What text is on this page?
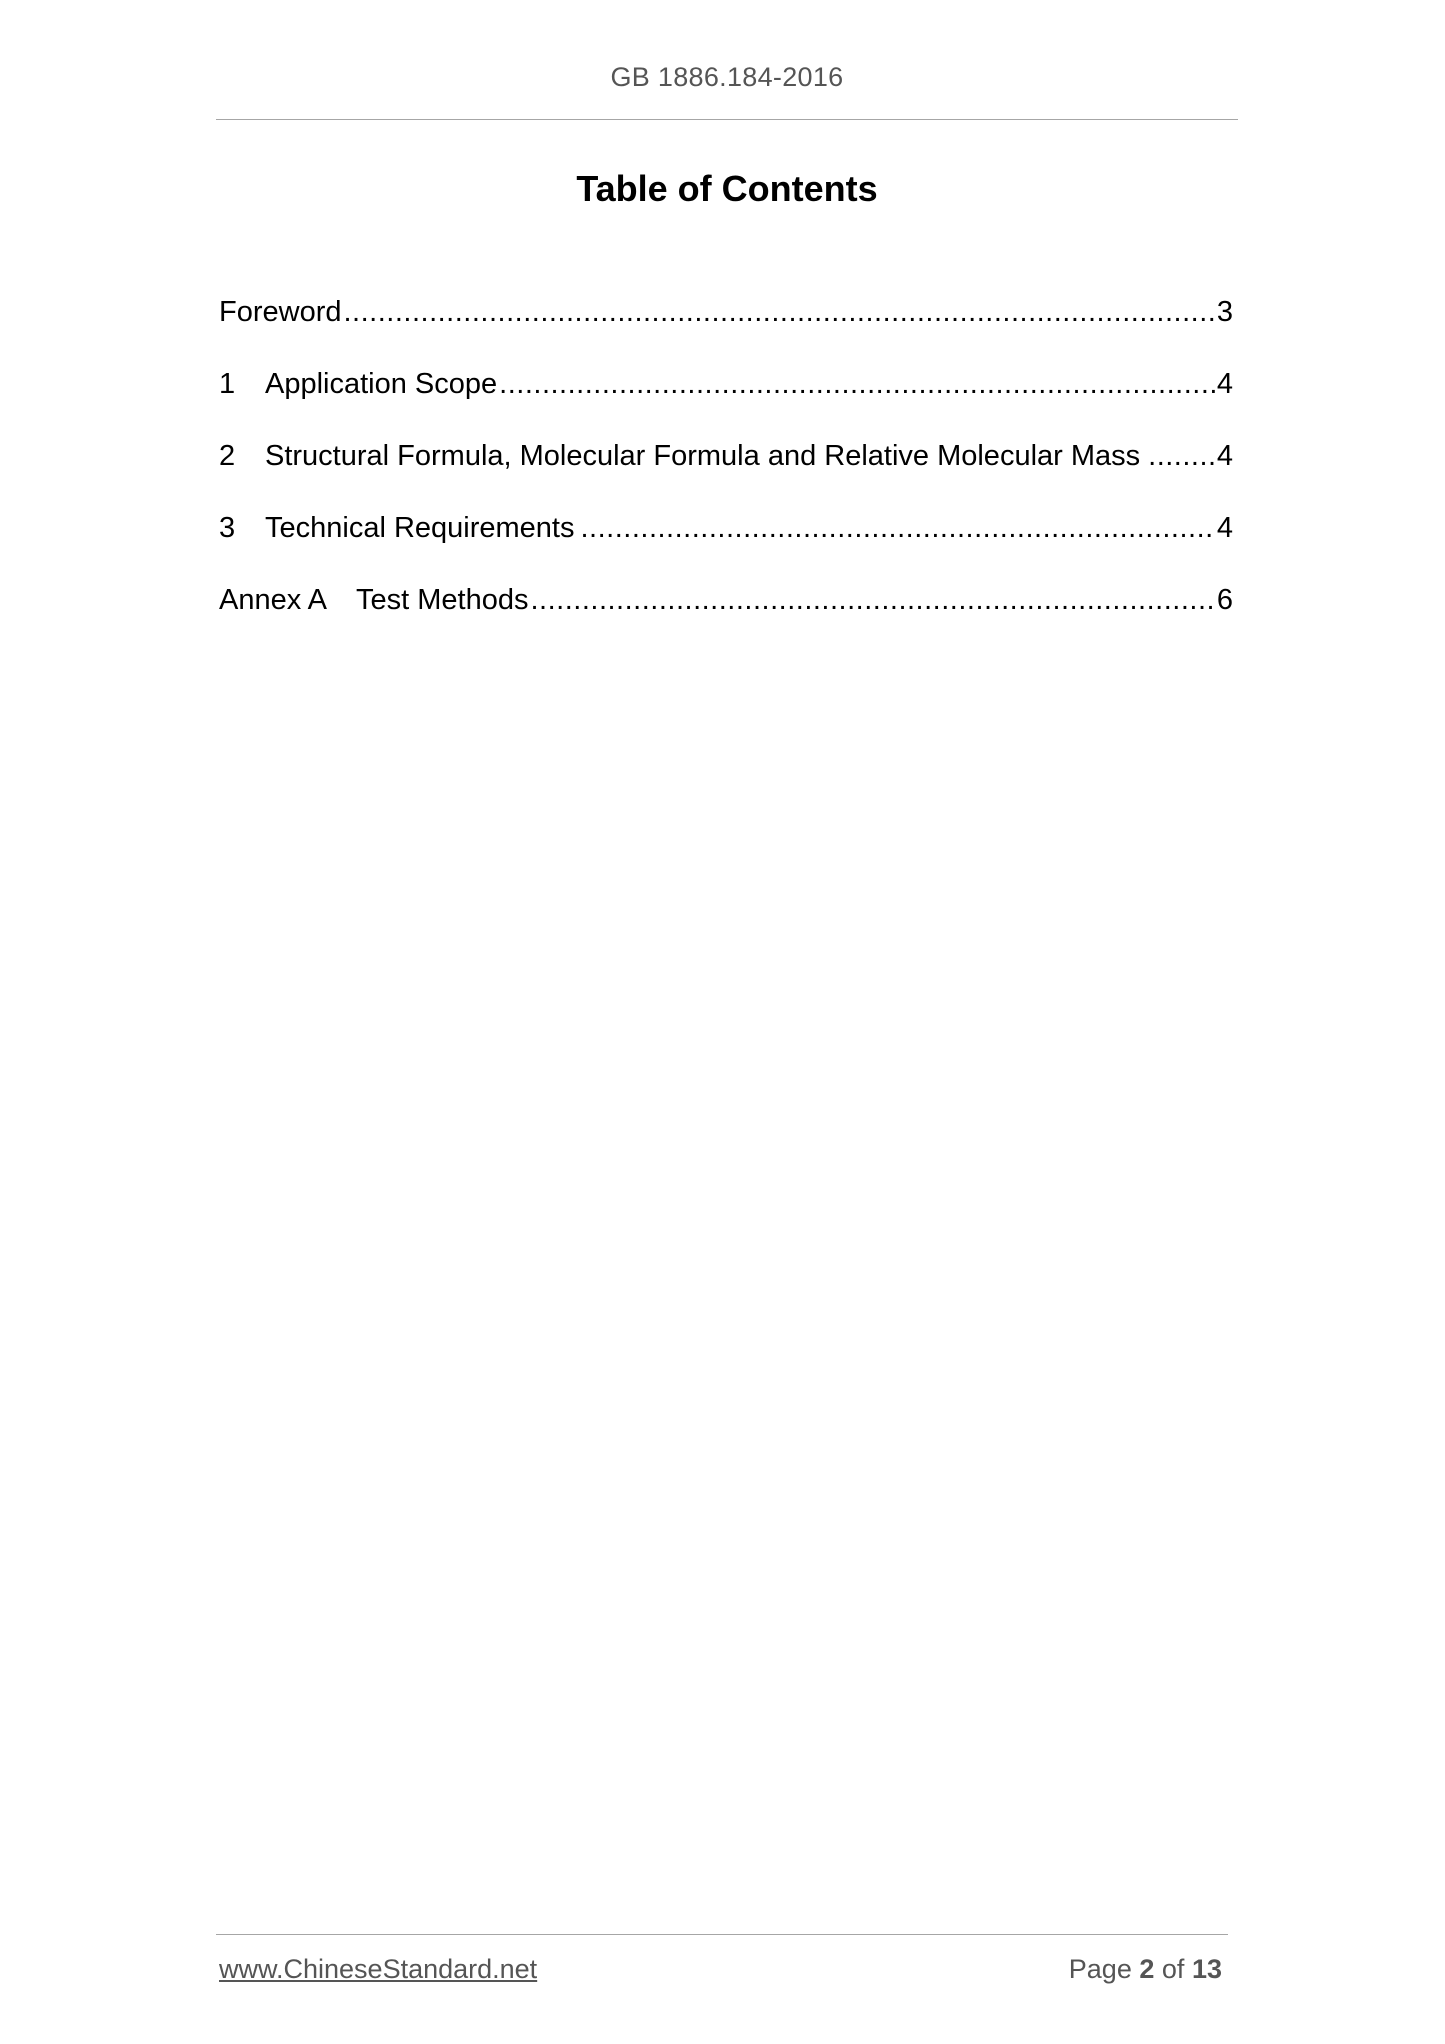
GB 1886.184-2016
Table of Contents
Foreword .....	3
1	Application Scope .....	4
2	Structural Formula, Molecular Formula and Relative Molecular Mass .....	4
3	Technical Requirements .....	4
Annex A Test Methods .....	6
www.ChineseStandard.net	Page 2 of 13
